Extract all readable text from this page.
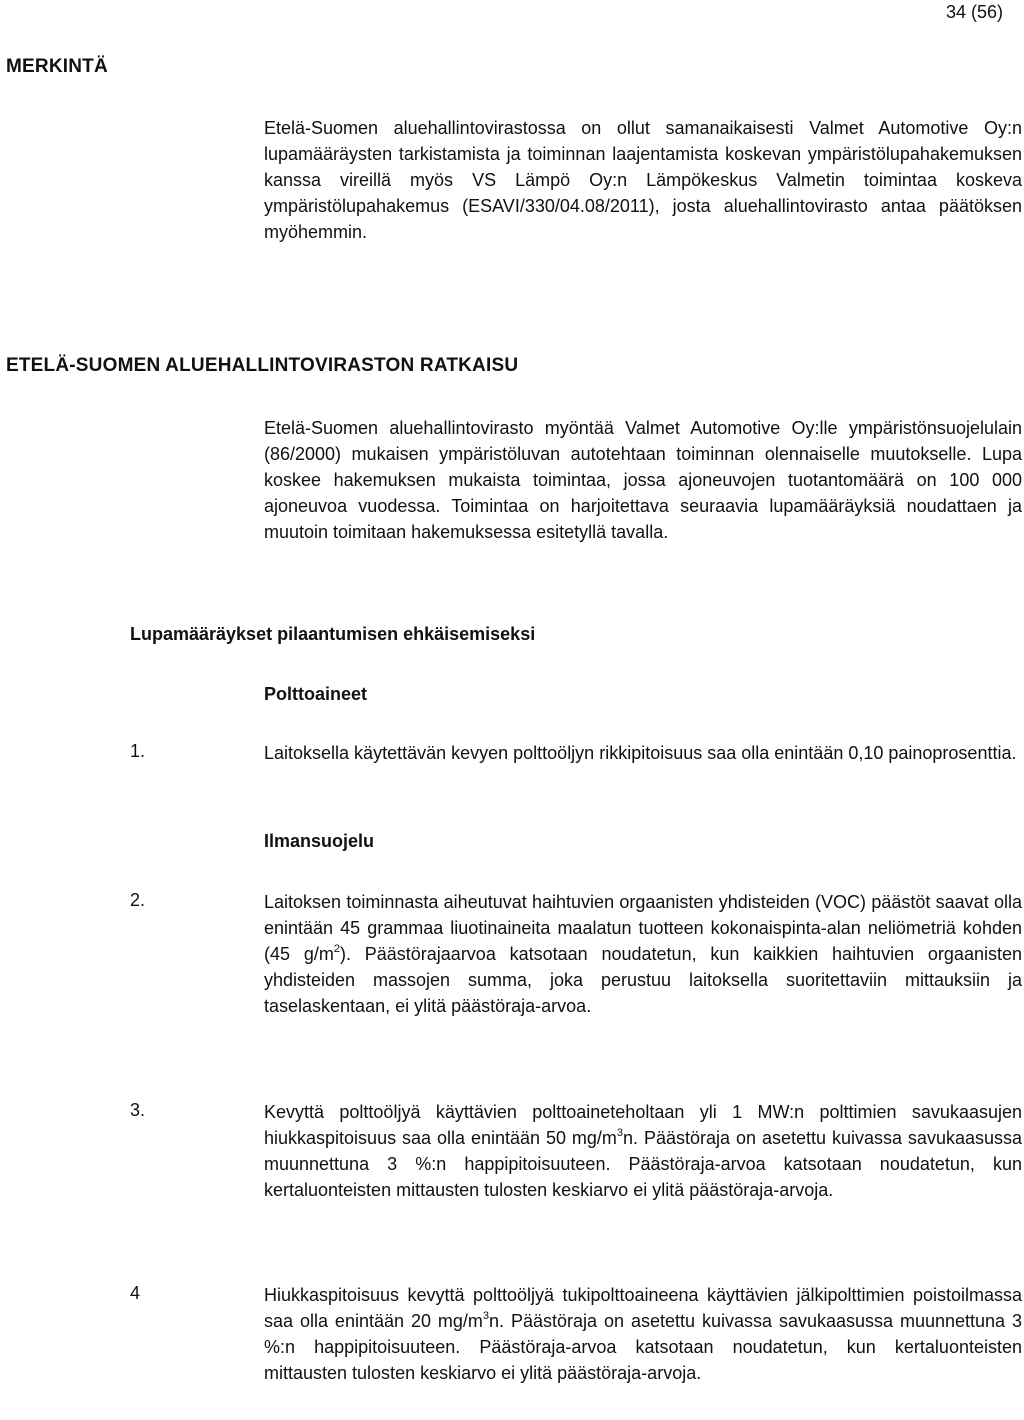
34 (56)
MERKINTÄ

Etelä-Suomen aluehallintovirastossa on ollut samanaikaisesti Valmet Automotive Oy:n lupamääräysten tarkistamista ja toiminnan laajentamista koskevan ympäristölupahakemuksen kanssa vireillä myös VS Lämpö Oy:n Lämpökeskus Valmetin toimintaa koskeva ympäristölupahakemus (ESAVI/330/04.08/2011), josta aluehallintovirasto antaa päätöksen myöhemmin.

ETELÄ-SUOMEN ALUEHALLINTOVIRASTON RATKAISU

Etelä-Suomen aluehallintovirasto myöntää Valmet Automotive Oy:lle ympäristönsuojelulain (86/2000) mukaisen ympäristöluvan autotehtaan toiminnan olennaiselle muutokselle. Lupa koskee hakemuksen mukaista toimintaa, jossa ajoneuvojen tuotantomäärä on 100 000 ajoneuvoa vuodessa. Toimintaa on harjoitettava seuraavia lupamääräyksiä noudattaen ja muutoin toimitaan hakemuksessa esitetyllä tavalla.

Lupamääräykset pilaantumisen ehkäisemiseksi
Polttoaineet
1.	Laitoksella käytettävän kevyen polttoöljyn rikkipitoisuus saa olla enintään 0,10 painoprosenttia.

Ilmansuojelu
2.	Laitoksen toiminnasta aiheutuvat haihtuvien orgaanisten yhdisteiden (VOC) päästöt saavat olla enintään 45 grammaa liuotinaineita maalatun tuotteen kokonaispinta-alan neliömetriä kohden (45 $g/m^2$). Päästörajaarvoa katsotaan noudatetun, kun kaikkien haihtuvien orgaanisten yhdisteiden massojen summa, joka perustuu laitoksella suoritettaviin mittauksiin ja taselaskentaan, ei ylitä päästöraja-arvoa.

3.	Kevyttä polttoöljyä käyttävien polttoaineteholtaan yli 1 MW:n polttimien savukaasujen hiukkaspitoisuus saa olla enintään 50 $mg/m^3n$. Päästöraja on asetettu kuivassa savukaasussa muunnettuna 3 %:n happipitoisuuteen. Päästöraja-arvoa katsotaan noudatetun, kun kertaluonteisten mittausten tulosten keskiarvo ei ylitä päästöraja-arvoja.

4	Hiukkaspitoisuus kevyttä polttoöljyä tukipolttoaineena käyttävien jälkipolttimien poistoilmassa saa olla enintään 20 $mg/m^3n$. Päästöraja on asetettu kuivassa savukaasussa muunnettuna 3 %:n happipitoisuuteen. Päästöraja-arvoa katsotaan noudatetun, kun kertaluonteisten mittausten tulosten keskiarvo ei ylitä päästöraja-arvoja.
